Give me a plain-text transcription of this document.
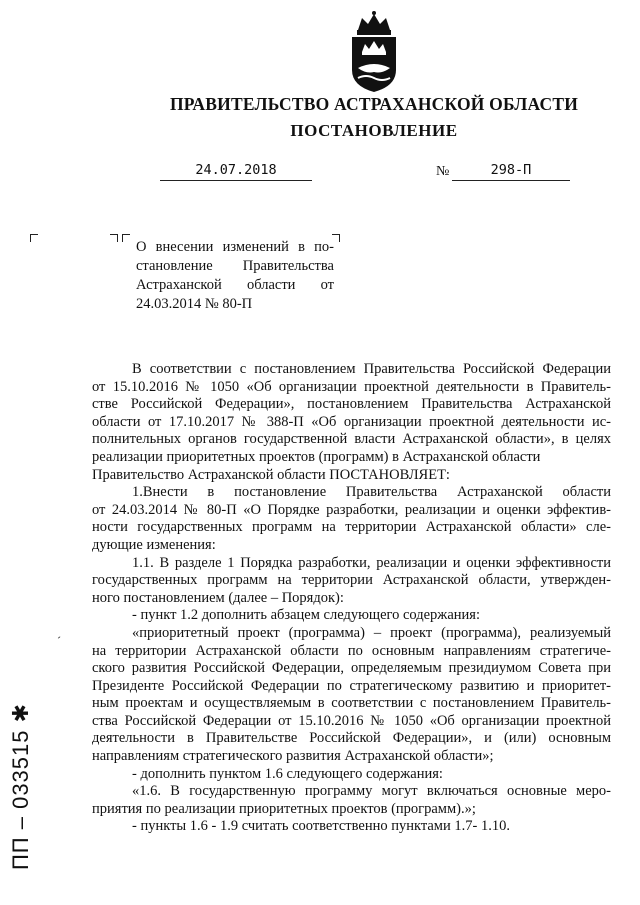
ПРАВИТЕЛЬСТВО АСТРАХАНСКОЙ ОБЛАСТИ
ПОСТАНОВЛЕНИЕ
24.07.2018	№	298-П
О внесении изменений в по-
становление Правительства
Астраханской области от
24.03.2014 № 80-П
В соответствии с постановлением Правительства Российской Федерации
от 15.10.2016 № 1050 «Об организации проектной деятельности в Правитель-
стве Российской Федерации», постановлением Правительства Астраханской
области от 17.10.2017 № 388-П «Об организации проектной деятельности ис-
полнительных органов государственной власти Астраханской области», в целях
реализации приоритетных проектов (программ) в Астраханской области
Правительство Астраханской области ПОСТАНОВЛЯЕТ:
1.Внести в постановление Правительства Астраханской области
от 24.03.2014 № 80-П «О Порядке разработки, реализации и оценки эффектив-
ности государственных программ на территории Астраханской области» сле-
дующие изменения:
1.1. В разделе 1 Порядка разработки, реализации и оценки эффективности
государственных программ на территории Астраханской области, утвержден-
ного постановлением (далее – Порядок):
- пункт 1.2 дополнить абзацем следующего содержания:
«приоритетный проект (программа) – проект (программа), реализуемый
на территории Астраханской области по основным направлениям стратегиче-
ского развития Российской Федерации, определяемым президиумом Совета при
Президенте Российской Федерации по стратегическому развитию и приоритет-
ным проектам и осуществляемым в соответствии с постановлением Правитель-
ства Российской Федерации от 15.10.2016 № 1050 «Об организации проектной
деятельности в Правительстве Российской Федерации», и (или) основным
направлениям стратегического развития Астраханской области»;
- дополнить пунктом 1.6 следующего содержания:
«1.6. В государственную программу могут включаться основные меро-
приятия по реализации приоритетных проектов (программ).»;
- пункты 1.6 - 1.9 считать соответственно пунктами 1.7- 1.10.
ˊ
ПП – 033515 ✱
